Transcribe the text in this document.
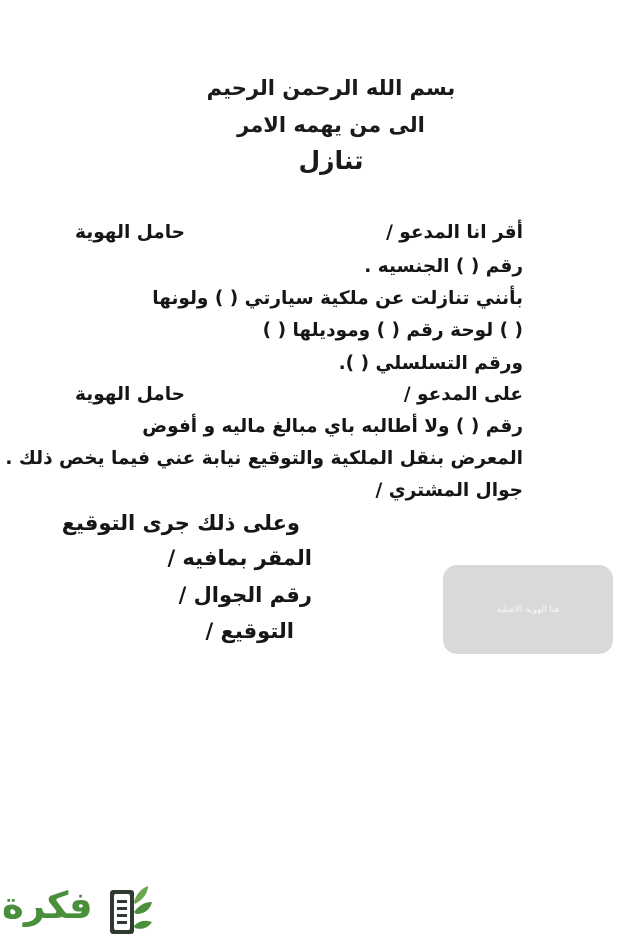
بسم الله الرحمن الرحيم
الى من يهمه الامر
تنازل
أقر انا المدعو /
حامل الهوية
رقم ( ) الجنسيه .
بأنني تنازلت عن ملكية سيارتي ( ) ولونها
( ) لوحة رقم ( ) وموديلها ( )
ورقم التسلسلي ( ).
على المدعو /
حامل الهوية
رقم ( ) ولا أطالبه باي مبالغ ماليه و أفوض
المعرض بنقل الملكية والتوقيع نيابة عني فيما يخص ذلك .
جوال المشتري /
وعلى ذلك جرى التوقيع
المقر بمافيه /
رقم الجوال /
التوقيع /
هنا الهوية الاصلية
فكرة
